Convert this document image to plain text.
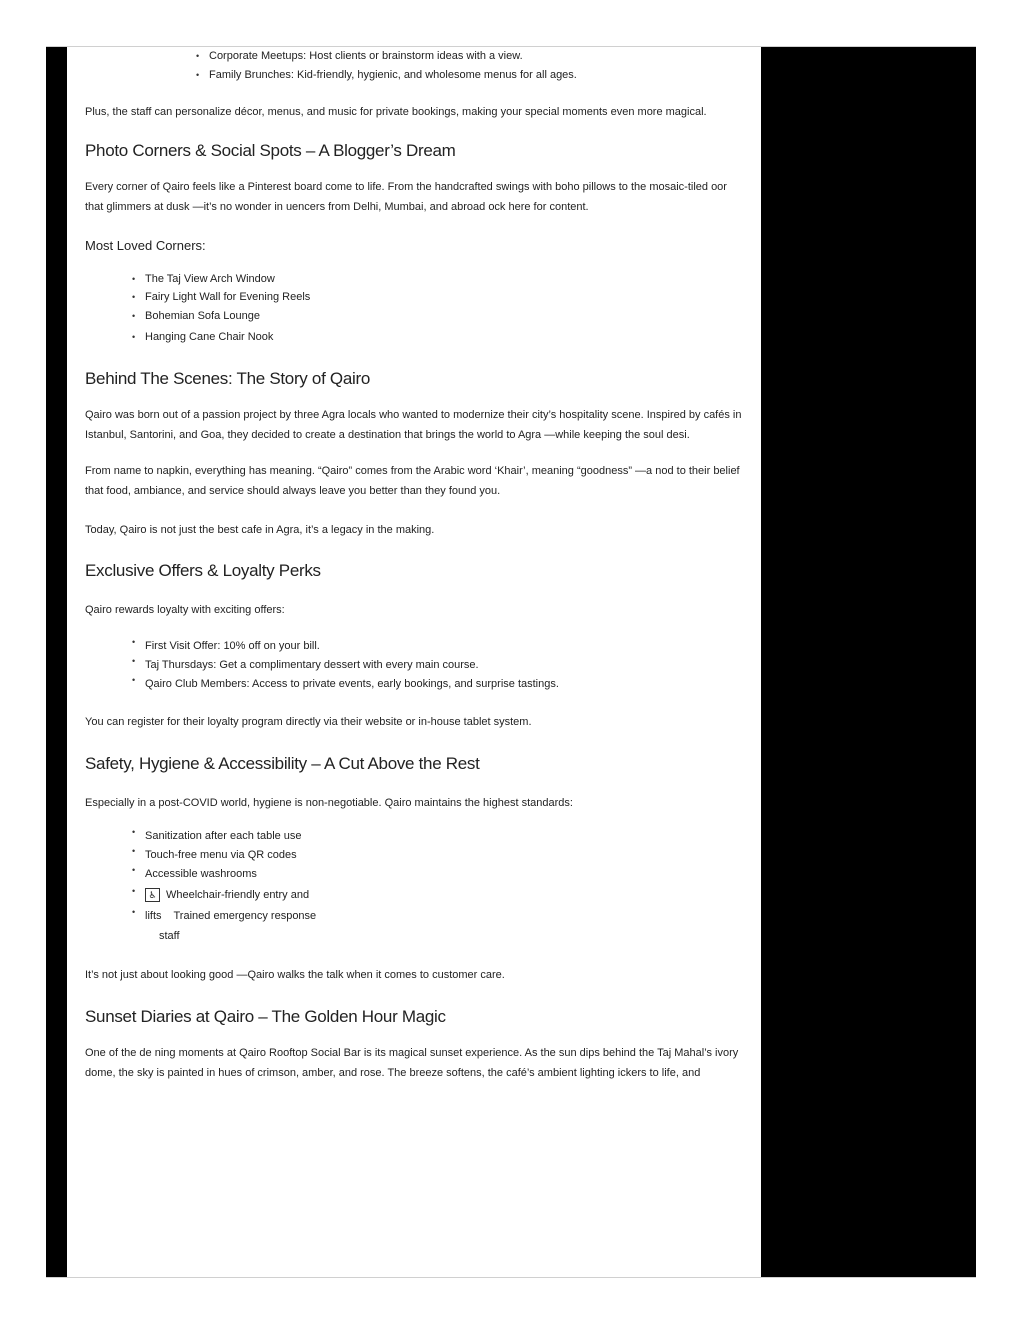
• Corporate Meetups: Host clients or brainstorm ideas with a view.
• Family Brunches: Kid-friendly, hygienic, and wholesome menus for all ages.

Plus, the staff can personalize décor, menus, and music for private bookings, making your special moments even more magical.

Photo Corners & Social Spots – A Blogger’s Dream

Every corner of Qairo feels like a Pinterest board come to life. From the handcrafted swings with boho pillows to the mosaic-tiled oor

that glimmers at dusk —it’s no wonder in uencers from Delhi, Mumbai, and abroad ock here for content.

Most Loved Corners:
• The Taj View Arch Window
• Fairy Light Wall for Evening Reels
• Bohemian Sofa Lounge
• Hanging Cane Chair Nook
Behind The Scenes: The Story of Qairo

Qairo was born out of a passion project by three Agra locals who wanted to modernize their city’s hospitality scene. Inspired by cafés in

Istanbul, Santorini, and Goa, they decided to create a destination that brings the world to Agra —while keeping the soul desi.

From name to napkin, everything has meaning. “Qairo” comes from the Arabic word ‘Khair’, meaning “goodness” —a nod to their belief

that food, ambiance, and service should always leave you better than they found you.

Today, Qairo is not just the best cafe in Agra, it’s a legacy in the making.

Exclusive Offers & Loyalty Perks

Qairo rewards loyalty with exciting offers:

• First Visit Offer: 10% off on your bill.
• Taj Thursdays: Get a complimentary dessert with every main course.
• Qairo Club Members: Access to private events, early bookings, and surprise tastings.

You can register for their loyalty program directly via their website or in-house tablet system.

Safety, Hygiene & Accessibility – A Cut Above the Rest

Especially in a post-COVID world, hygiene is non-negotiable. Qairo maintains the highest standards:

• Sanitization after each table use
• Touch-free menu via QR codes
• Accessible washrooms
• ♿ Wheelchair-friendly entry and
• lifts Trained emergency response
staff

It’s not just about looking good —Qairo walks the talk when it comes to customer care.

Sunset Diaries at Qairo – The Golden Hour Magic

One of the de ning moments at Qairo Rooftop Social Bar is its magical sunset experience. As the sun dips behind the Taj Mahal’s ivory

dome, the sky is painted in hues of crimson, amber, and rose. The breeze softens, the café’s ambient lighting ickers to life, and
